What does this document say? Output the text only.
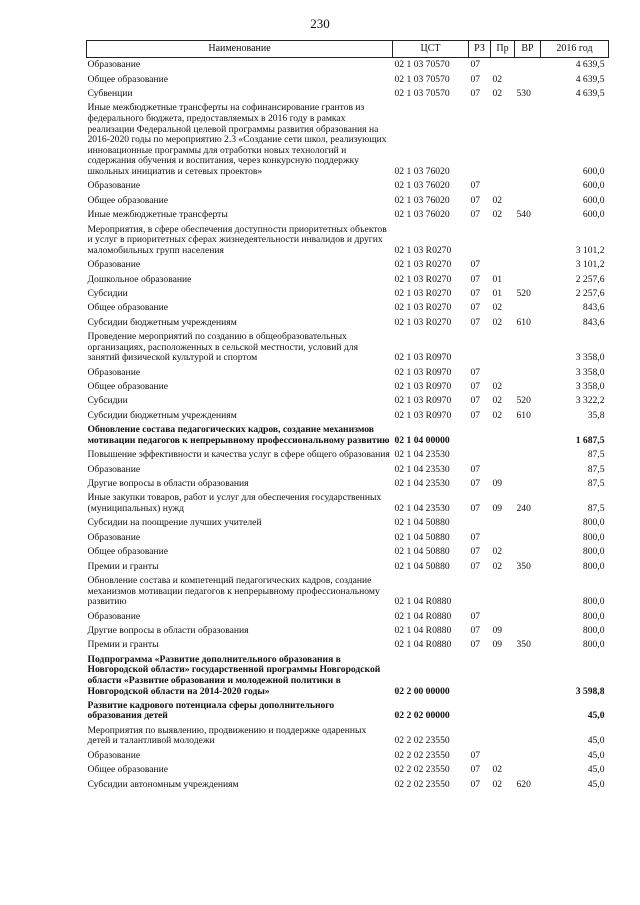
230
Наименование	ЦСТ	РЗ	Пр	ВР	2016 год
Образование	02 1 03 70570	07			4 639,5
Общее образование	02 1 03 70570	07	02		4 639,5
Субвенции	02 1 03 70570	07	02	530	4 639,5
Иные межбюджетные трансферты на софинансирование грантов из федерального бюджета, предоставляемых в 2016 году в рамках реализации Федеральной целевой программы развития образования на 2016-2020 годы по мероприятию 2.3 «Создание сети школ, реализующих инновационные программы для отработки новых технологий и содержания обучения и воспитания, через конкурсную поддержку школьных инициатив и сетевых проектов»	02 1 03 76020				600,0
Образование	02 1 03 76020	07			600,0
Общее образование	02 1 03 76020	07	02		600,0
Иные межбюджетные трансферты	02 1 03 76020	07	02	540	600,0
Мероприятия, в сфере обеспечения доступности приоритетных объектов и услуг в приоритетных сферах жизнедеятельности инвалидов и других маломобильных групп населения	02 1 03 R0270				3 101,2
Образование	02 1 03 R0270	07			3 101,2
Дошкольное образование	02 1 03 R0270	07	01		2 257,6
Субсидии	02 1 03 R0270	07	01	520	2 257,6
Общее образование	02 1 03 R0270	07	02		843,6
Субсидии бюджетным учреждениям	02 1 03 R0270	07	02	610	843,6
Проведение мероприятий по созданию в общеобразовательных организациях, расположенных в сельской местности, условий для занятий физической культурой и спортом	02 1 03 R0970				3 358,0
Образование	02 1 03 R0970	07			3 358,0
Общее образование	02 1 03 R0970	07	02		3 358,0
Субсидии	02 1 03 R0970	07	02	520	3 322,2
Субсидии бюджетным учреждениям	02 1 03 R0970	07	02	610	35,8
Обновление состава педагогических кадров, создание механизмов мотивации педагогов к непрерывному профессиональному развитию	02 1 04 00000				1 687,5
Повышение эффективности и качества услуг в сфере общего образования	02 1 04 23530				87,5
Образование	02 1 04 23530	07			87,5
Другие вопросы в области образования	02 1 04 23530	07	09		87,5
Иные закупки товаров, работ и услуг для обеспечения государственных (муниципальных) нужд	02 1 04 23530	07	09	240	87,5
Субсидии на поощрение лучших учителей	02 1 04 50880				800,0
Образование	02 1 04 50880	07			800,0
Общее образование	02 1 04 50880	07	02		800,0
Премии и гранты	02 1 04 50880	07	02	350	800,0
Обновление состава и компетенций педагогических кадров, создание механизмов мотивации педагогов к непрерывному профессиональному развитию	02 1 04 R0880				800,0
Образование	02 1 04 R0880	07			800,0
Другие вопросы в области образования	02 1 04 R0880	07	09		800,0
Премии и гранты	02 1 04 R0880	07	09	350	800,0
Подпрограмма «Развитие дополнительного образования в Новгородской области» государственной программы Новгородской области «Развитие образования и молодежной политики в Новгородской области на 2014-2020 годы»	02 2 00 00000				3 598,8
Развитие кадрового потенциала сферы дополнительного образования детей	02 2 02 00000				45,0
Мероприятия по выявлению, продвижению и поддержке одаренных детей и талантливой молодежи	02 2 02 23550				45,0
Образование	02 2 02 23550	07			45,0
Общее образование	02 2 02 23550	07	02		45,0
Субсидии автономным учреждениям	02 2 02 23550	07	02	620	45,0
